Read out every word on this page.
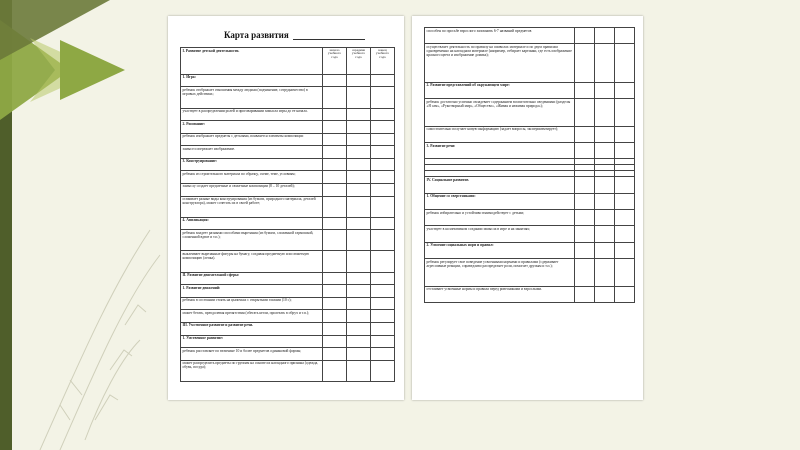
Карта развития
I. Развитие детской деятельности.	начало учебного года	середина учебного года	конец учебного года
1. Игра:			
ребенок отображает отношения между людьми (подчинение, сотрудничество) в игровых действиях;			
участвует в распределении ролей и проговаривании замысла игры до ее начала.			
2. Рисование:			
ребенок изображает предметы с деталями, появляется элементы композиции			
замысел опережает изображение.			
3. Конструирование:			
ребенок из строительного материала по образцу, схеме, теме, условиям;			
замыслу создает предметные и сюжетные композиции (8 – 10 деталей);			
осваивает разные виды конструирования (из бумаги, природного материала, деталей конструктора), может сочетать их в своей работе;			
4. Аппликация:			
ребенок владеет разными способами вырезания (из бумаги, сложенной гармошкой, сложенной вдвое и т.п.);			
выклеивает вырезанные фигуры на бумагу, создавая предметную или сюжетную композицию (лепка).			
II. Развитие двигательной сферы:			
1. Развитие движений:			
ребенок в состоянии стоять на цыпочках с открытыми глазами (10 с);			
может бегать, преодолевая препятствия (обегать кегли, пролезать в обруч и т.п.);			
III. Умственное развитие и развитие речи.			
1. Умственное развитие:			
ребенок расставляет по величине 10 и более предметов одинаковой формы;			
может распределить предметы по группам на основе их наглядного признака (одежда, обувь, посуда);			
способен по просьбе взрослого запомнить 6-7 названий предметов			
осуществляет деятельность по правилу на символах материале и по двум правилам одновременно на наглядном материале (например, отбирает картинки, где есть изображение красного цвета и изображение домика);			
2. Развитие представлений об окружающем мире:			
ребенок достаточно успешно овладевает содержанием воспитательно сведениями (разделы «Я сам», «Рукотворный мир», «Общество», «Живая и неживая природа»);			
самостоятельно получает новую информацию (задает вопросы, экспериментирует);			
3. Развитие речи:			

IV. Социальное развитие.			
1. Общение со сверстниками:			
ребенок избирательно и устойчиво взаимодействует с детьми;			
участвует в коллективном создании замысла в игре и на занятиях;			
2. Усвоение социальных норм и правил:			
ребенок регулирует свое поведение усвоенными нормами и правилами (сдерживает агрессивные реакции, справедливо распределяет роли, помогает друзьям и т.п.);			
отстаивает усвоенные нормы и правила перед ровесниками и взрослыми.			
